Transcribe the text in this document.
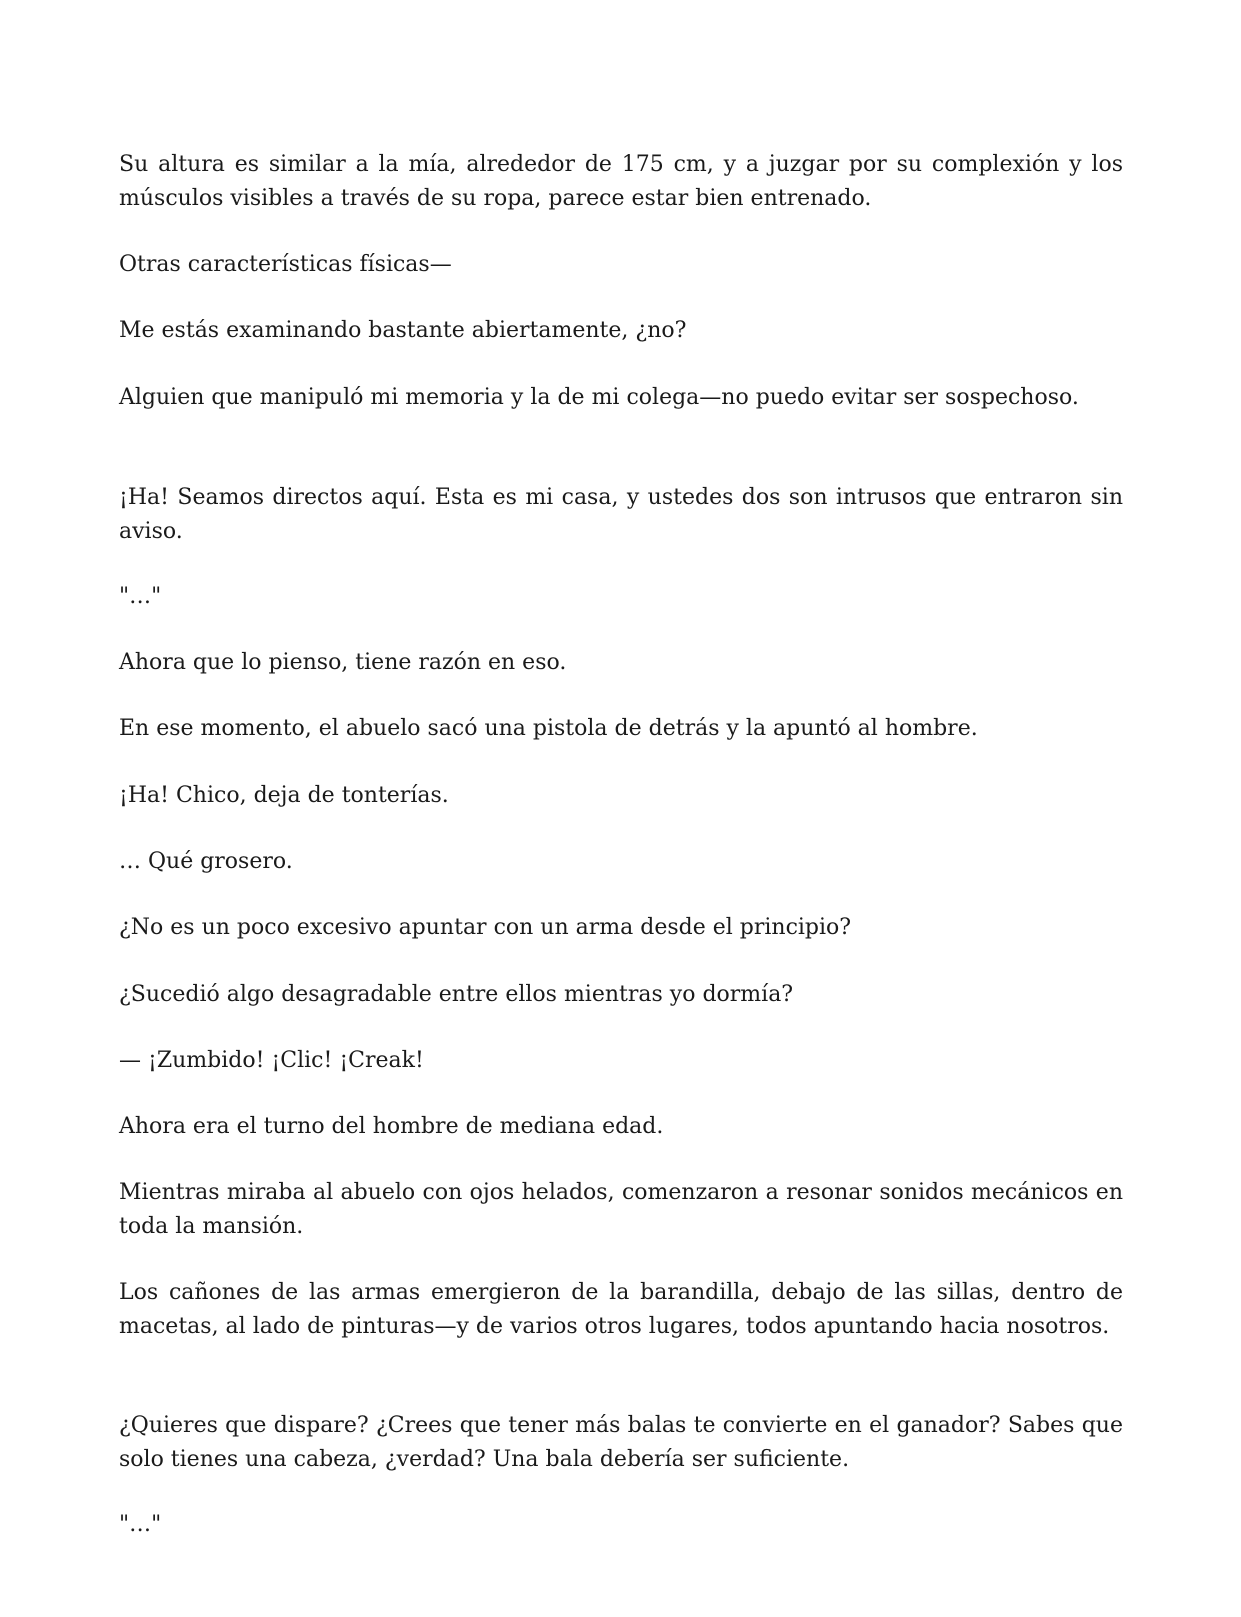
Su altura es similar a la mía, alrededor de 175 cm, y a juzgar por su complexión y los músculos visibles a través de su ropa, parece estar bien entrenado.

Otras características físicas—

Me estás examinando bastante abiertamente, ¿no?

Alguien que manipuló mi memoria y la de mi colega—no puedo evitar ser sospechoso.

¡Ha! Seamos directos aquí. Esta es mi casa, y ustedes dos son intrusos que entraron sin aviso.

"…"

Ahora que lo pienso, tiene razón en eso.

En ese momento, el abuelo sacó una pistola de detrás y la apuntó al hombre.

¡Ha! Chico, deja de tonterías.

… Qué grosero.

¿No es un poco excesivo apuntar con un arma desde el principio?

¿Sucedió algo desagradable entre ellos mientras yo dormía?

— ¡Zumbido! ¡Clic! ¡Creak!

Ahora era el turno del hombre de mediana edad.

Mientras miraba al abuelo con ojos helados, comenzaron a resonar sonidos mecánicos en toda la mansión.

Los cañones de las armas emergieron de la barandilla, debajo de las sillas, dentro de macetas, al lado de pinturas—y de varios otros lugares, todos apuntando hacia nosotros.

¿Quieres que dispare? ¿Crees que tener más balas te convierte en el ganador? Sabes que solo tienes una cabeza, ¿verdad? Una bala debería ser suficiente.

"…"
